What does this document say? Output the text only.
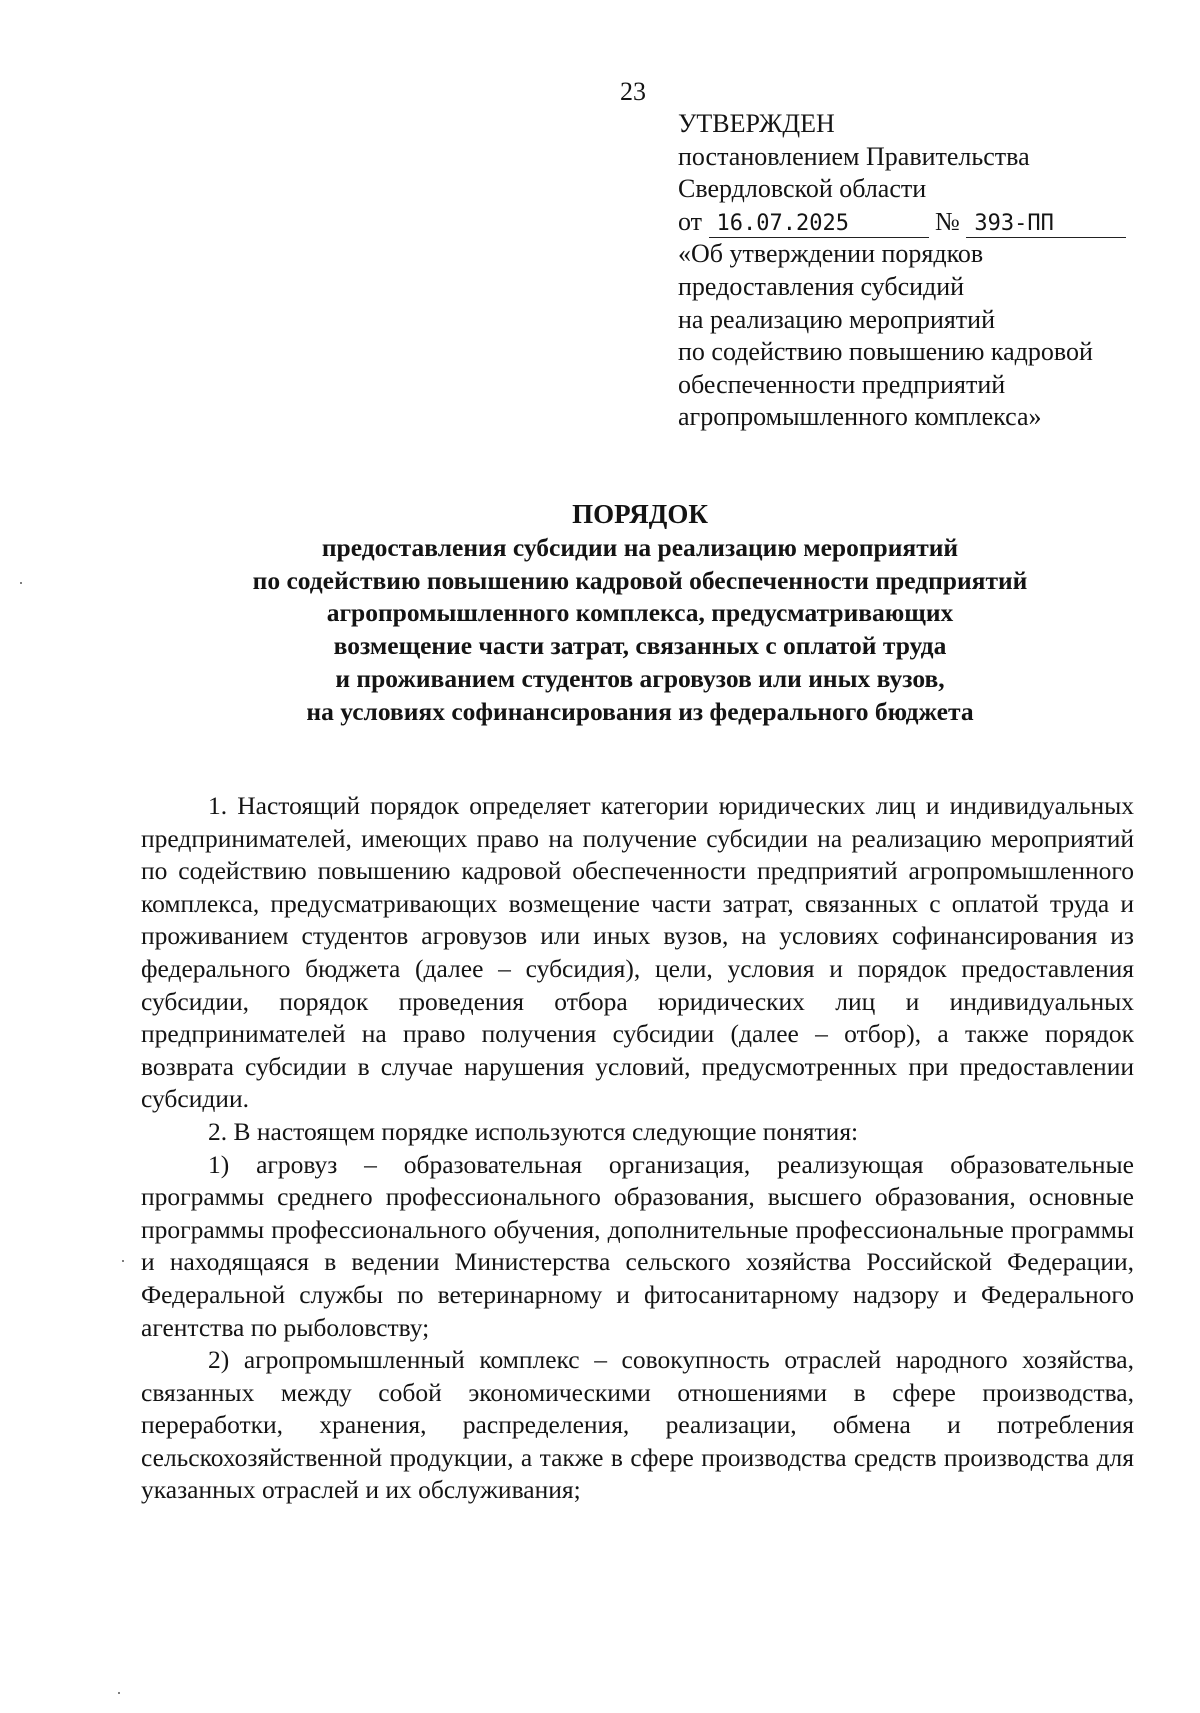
23
УТВЕРЖДЕН
постановлением Правительства
Свердловской области
от 16.07.2025	№ 393-ПП
«Об утверждении порядков
предоставления субсидий
на реализацию мероприятий
по содействию повышению кадровой
обеспеченности предприятий
агропромышленного комплекса»
ПОРЯДОК
предоставления субсидии на реализацию мероприятий
по содействию повышению кадровой обеспеченности предприятий
агропромышленного комплекса, предусматривающих
возмещение части затрат, связанных с оплатой труда
и проживанием студентов агровузов или иных вузов,
на условиях софинансирования из федерального бюджета

1. Настоящий порядок определяет категории юридических лиц и индивидуальных предпринимателей, имеющих право на получение субсидии на реализацию мероприятий по содействию повышению кадровой обеспеченности предприятий агропромышленного комплекса, предусматривающих возмещение части затрат, связанных с оплатой труда и проживанием студентов агровузов или иных вузов, на условиях софинансирования из федерального бюджета (далее – субсидия), цели, условия и порядок предоставления субсидии, порядок проведения отбора юридических лиц и индивидуальных предпринимателей на право получения субсидии (далее – отбор), а также порядок возврата субсидии в случае нарушения условий, предусмотренных при предоставлении субсидии.

2. В настоящем порядке используются следующие понятия:

1) агровуз – образовательная организация, реализующая образовательные программы среднего профессионального образования, высшего образования, основные программы профессионального обучения, дополнительные профессиональные программы и находящаяся в ведении Министерства сельского хозяйства Российской Федерации, Федеральной службы по ветеринарному и фитосанитарному надзору и Федерального агентства по рыболовству;

2) агропромышленный комплекс – совокупность отраслей народного хозяйства, связанных между собой экономическими отношениями в сфере производства, переработки, хранения, распределения, реализации, обмена и потребления сельскохозяйственной продукции, а также в сфере производства средств производства для указанных отраслей и их обслуживания;
